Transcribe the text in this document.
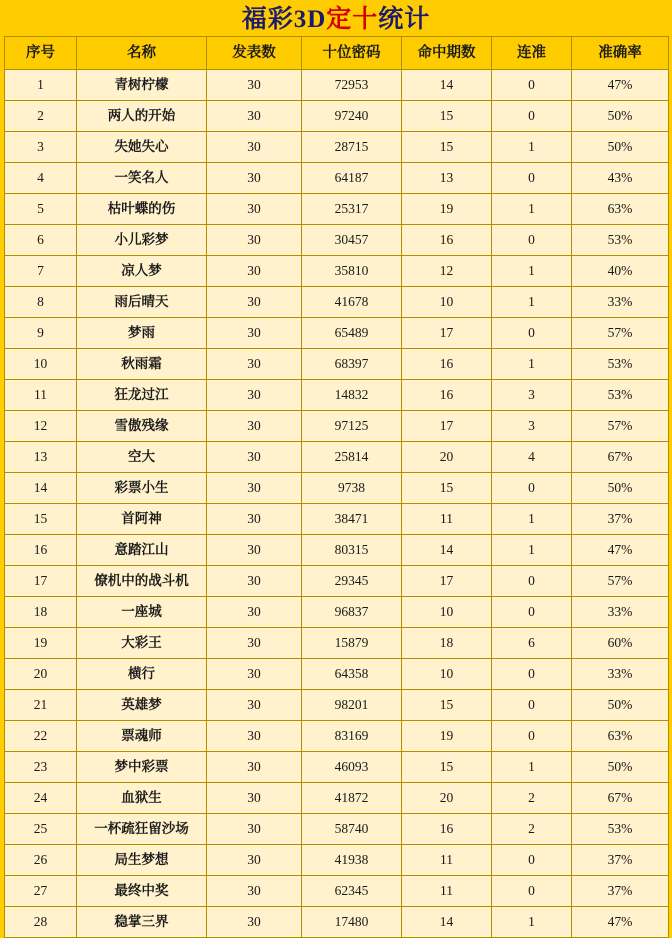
福彩3D定十统计
序号	名称	发表数	十位密码	命中期数	连准	准确率
1	青树柠檬	30	72953	14	0	47%
2	两人的开始	30	97240	15	0	50%
3	失她失心	30	28715	15	1	50%
4	一笑名人	30	64187	13	0	43%
5	枯叶蝶的伤	30	25317	19	1	63%
6	小儿彩梦	30	30457	16	0	53%
7	凉人梦	30	35810	12	1	40%
8	雨后晴天	30	41678	10	1	33%
9	梦雨	30	65489	17	0	57%
10	秋雨霜	30	68397	16	1	53%
11	狂龙过江	30	14832	16	3	53%
12	雪傲残缘	30	97125	17	3	57%
13	空大	30	25814	20	4	67%
14	彩票小生	30	9738	15	0	50%
15	首阿神	30	38471	11	1	37%
16	意踏江山	30	80315	14	1	47%
17	僚机中的战斗机	30	29345	17	0	57%
18	一座城	30	96837	10	0	33%
19	大彩王	30	15879	18	6	60%
20	横行	30	64358	10	0	33%
21	英雄梦	30	98201	15	0	50%
22	票魂师	30	83169	19	0	63%
23	梦中彩票	30	46093	15	1	50%
24	血狱生	30	41872	20	2	67%
25	一杯疏狂留沙场	30	58740	16	2	53%
26	局生梦想	30	41938	11	0	37%
27	最终中奖	30	62345	11	0	37%
28	稳掌三界	30	17480	14	1	47%
